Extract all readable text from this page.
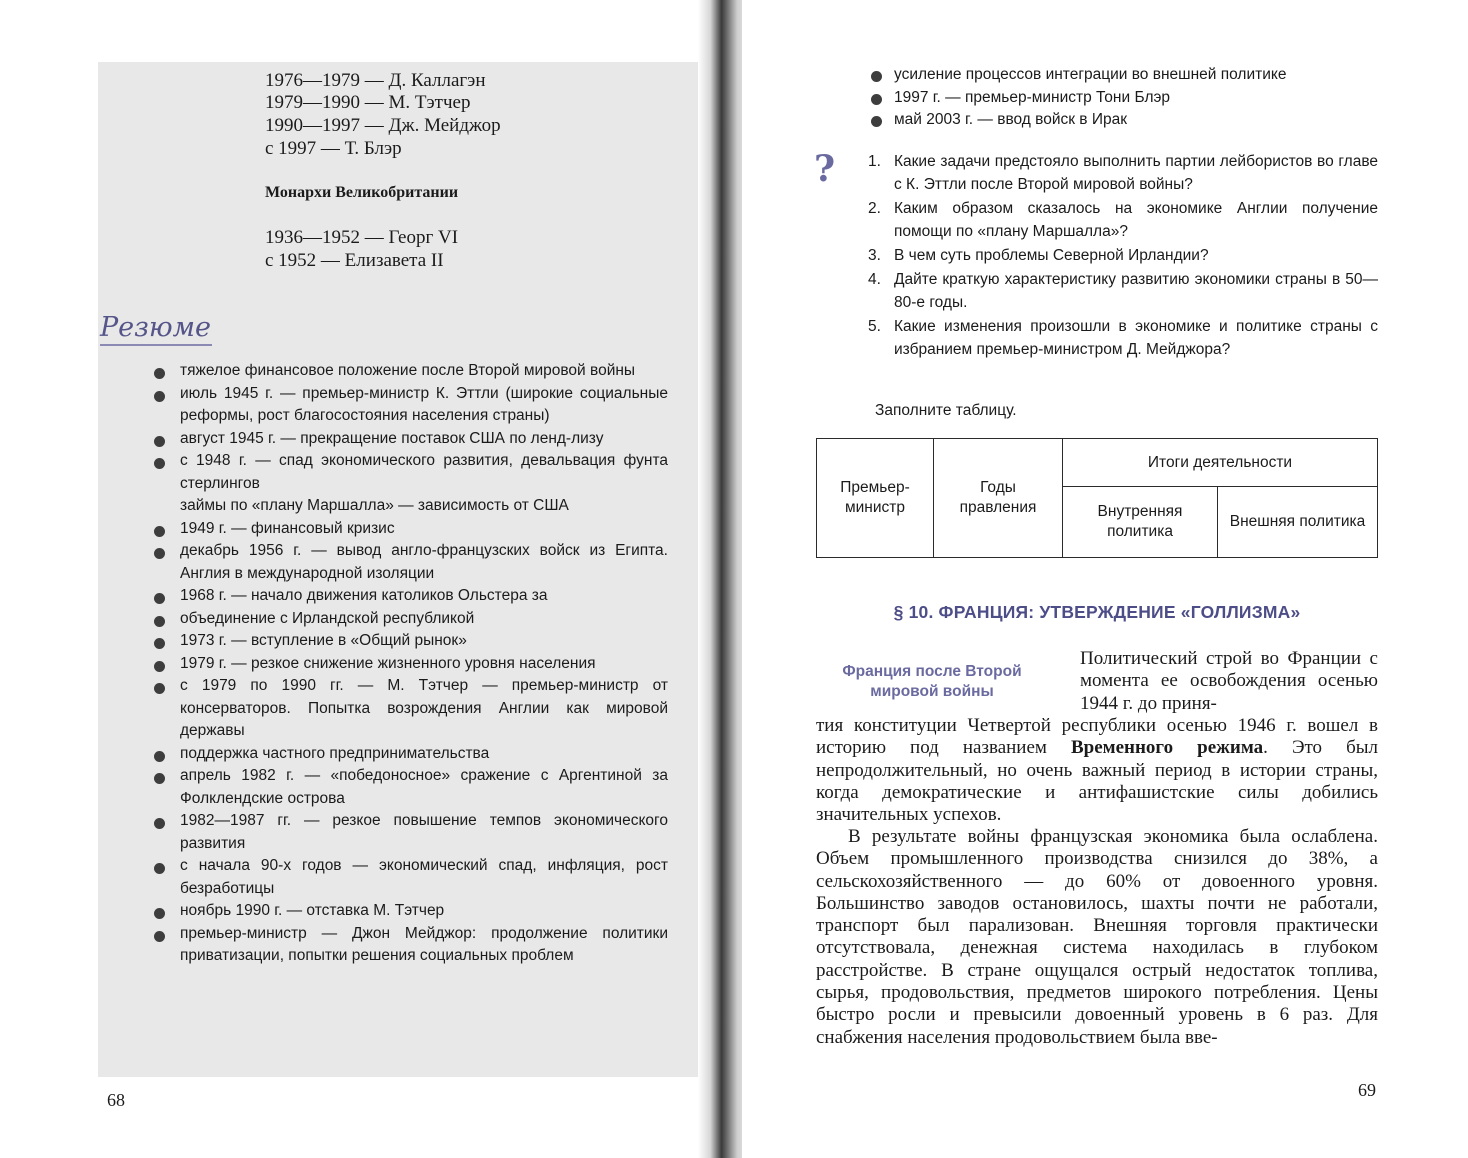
1976—1979 — Д. Каллагэн
1979—1990 — М. Тэтчер
1990—1997 — Дж. Мейджор
с 1997 — Т. Блэр
Монархи Великобритании
1936—1952 — Георг VI
с 1952 — Елизавета II
Резюме
тяжелое финансовое положение после Второй мировой войны
июль 1945 г. — премьер-министр К. Эттли (широкие социальные реформы, рост благосостояния населения страны)
август 1945 г. — прекращение поставок США по ленд-лизу
с 1948 г. — спад экономического развития, девальвация фунта стерлингов
займы по «плану Маршалла» — зависимость от США
1949 г. — финансовый кризис
декабрь 1956 г. — вывод англо-французских войск из Египта. Англия в международной изоляции
1968 г. — начало движения католиков Ольстера за
объединение с Ирландской республикой
1973 г. — вступление в «Общий рынок»
1979 г. — резкое снижение жизненного уровня населения
с 1979 по 1990 гг. — М. Тэтчер — премьер-министр от консерваторов. Попытка возрождения Англии как мировой державы
поддержка частного предпринимательства
апрель 1982 г. — «победоносное» сражение с Аргентиной за Фолклендские острова
1982—1987 гг. — резкое повышение темпов экономического развития
с начала 90-х годов — экономический спад, инфляция, рост безработицы
ноябрь 1990 г. — отставка М. Тэтчер
премьер-министр — Джон Мейджор: продолжение политики приватизации, попытки решения социальных проблем
68
усиление процессов интеграции во внешней политике
1997 г. — премьер-министр Тони Блэр
май 2003 г. — ввод войск в Ирак
? 1. Какие задачи предстояло выполнить партии лейбористов во главе с К. Эттли после Второй мировой войны?
2. Каким образом сказалось на экономике Англии получение помощи по «плану Маршалла»?
3. В чем суть проблемы Северной Ирландии?
4. Дайте краткую характеристику развитию экономики страны в 50—80-е годы.
5. Какие изменения произошли в экономике и политике страны с избранием премьер-министром Д. Мейджора?
Заполните таблицу.
Премьер-министр	Годы правления	Итоги деятельности	
		Внутренняя политика	Внешняя политика
§ 10. ФРАНЦИЯ: УТВЕРЖДЕНИЕ «ГОЛЛИЗМА»
Франция после Второй мировой войны
Политический строй во Франции с момента ее освобождения осенью 1944 г. до приня-
тия конституции Четвертой республики осенью 1946 г. вошел в историю под названием Временного режима. Это был непродолжительный, но очень важный период в истории страны, когда демократические и антифашистские силы добились значительных успехов.
В результате войны французская экономика была ослаблена. Объем промышленного производства снизился до 38%, а сельскохозяйственного — до 60% от довоенного уровня. Большинство заводов остановилось, шахты почти не работали, транспорт был парализован. Внешняя торговля практически отсутствовала, денежная система находилась в глубоком расстройстве. В стране ощущался острый недостаток топлива, сырья, продовольствия, предметов широкого потребления. Цены быстро росли и превысили довоенный уровень в 6 раз. Для снабжения населения продовольствием была вве-
69
